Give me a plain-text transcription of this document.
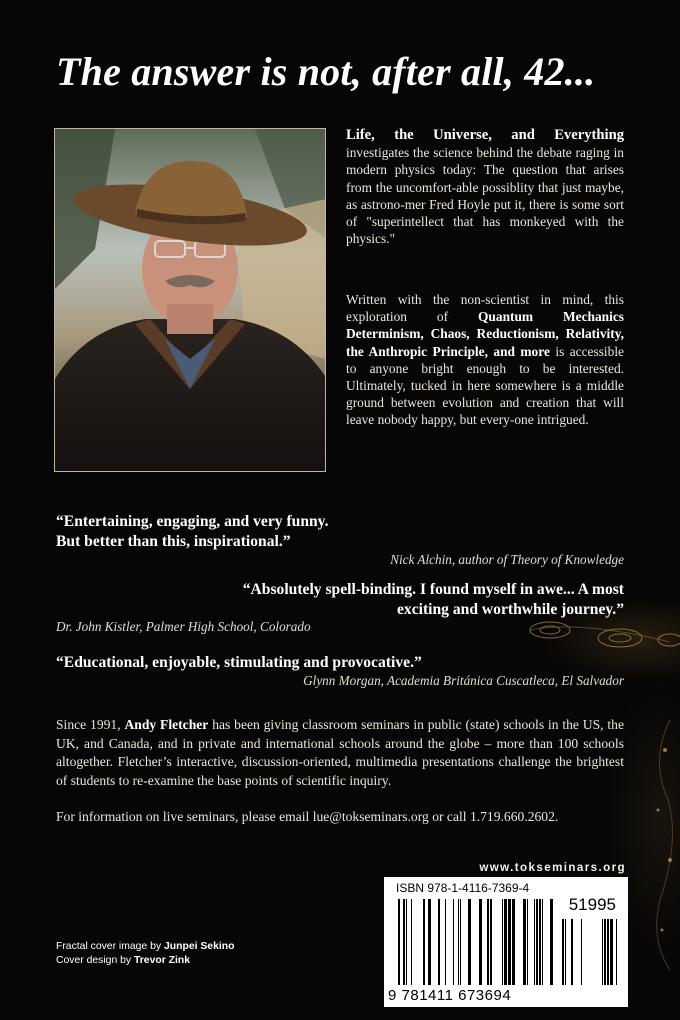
The answer is not, after all, 42...

Life, the Universe, and Everything investigates the science behind the debate raging in modern physics today: The question that arises from the uncomfort-able possiblity that just maybe, as astrono-mer Fred Hoyle put it, there is some sort of "superintellect that has monkeyed with the physics."

Written with the non-scientist in mind, this exploration of Quantum Mechanics Determinism, Chaos, Reductionism, Relativity, the Anthropic Principle, and more is accessible to anyone bright enough to be interested. Ultimately, tucked in here somewhere is a middle ground between evolution and creation that will leave nobody happy, but every-one intrigued.

“Entertaining, engaging, and very funny.
But better than this, inspirational.”

Nick Alchin, author of Theory of Knowledge

“Absolutely spell-binding. I found myself in awe... A most
exciting and worthwhile journey.”

Dr. John Kistler, Palmer High School, Colorado

“Educational, enjoyable, stimulating and provocative.”

Glynn Morgan, Academia Británica Cuscatleca, El Salvador

Since 1991, Andy Fletcher has been giving classroom seminars in public (state) schools in the US, the UK, and Canada, and in private and international schools around the globe – more than 100 schools altogether. Fletcher’s interactive, discussion-oriented, multimedia presentations challenge the brightest of students to re-examine the base points of scientific inquiry.

For information on live seminars, please email lue@tokseminars.org or call 1.719.660.2602.

www.tokseminars.org
ISBN 978-1-4116-7369-4
51995
9 781411 673694
Fractal cover image by Junpei Sekino
Cover design by Trevor Zink
